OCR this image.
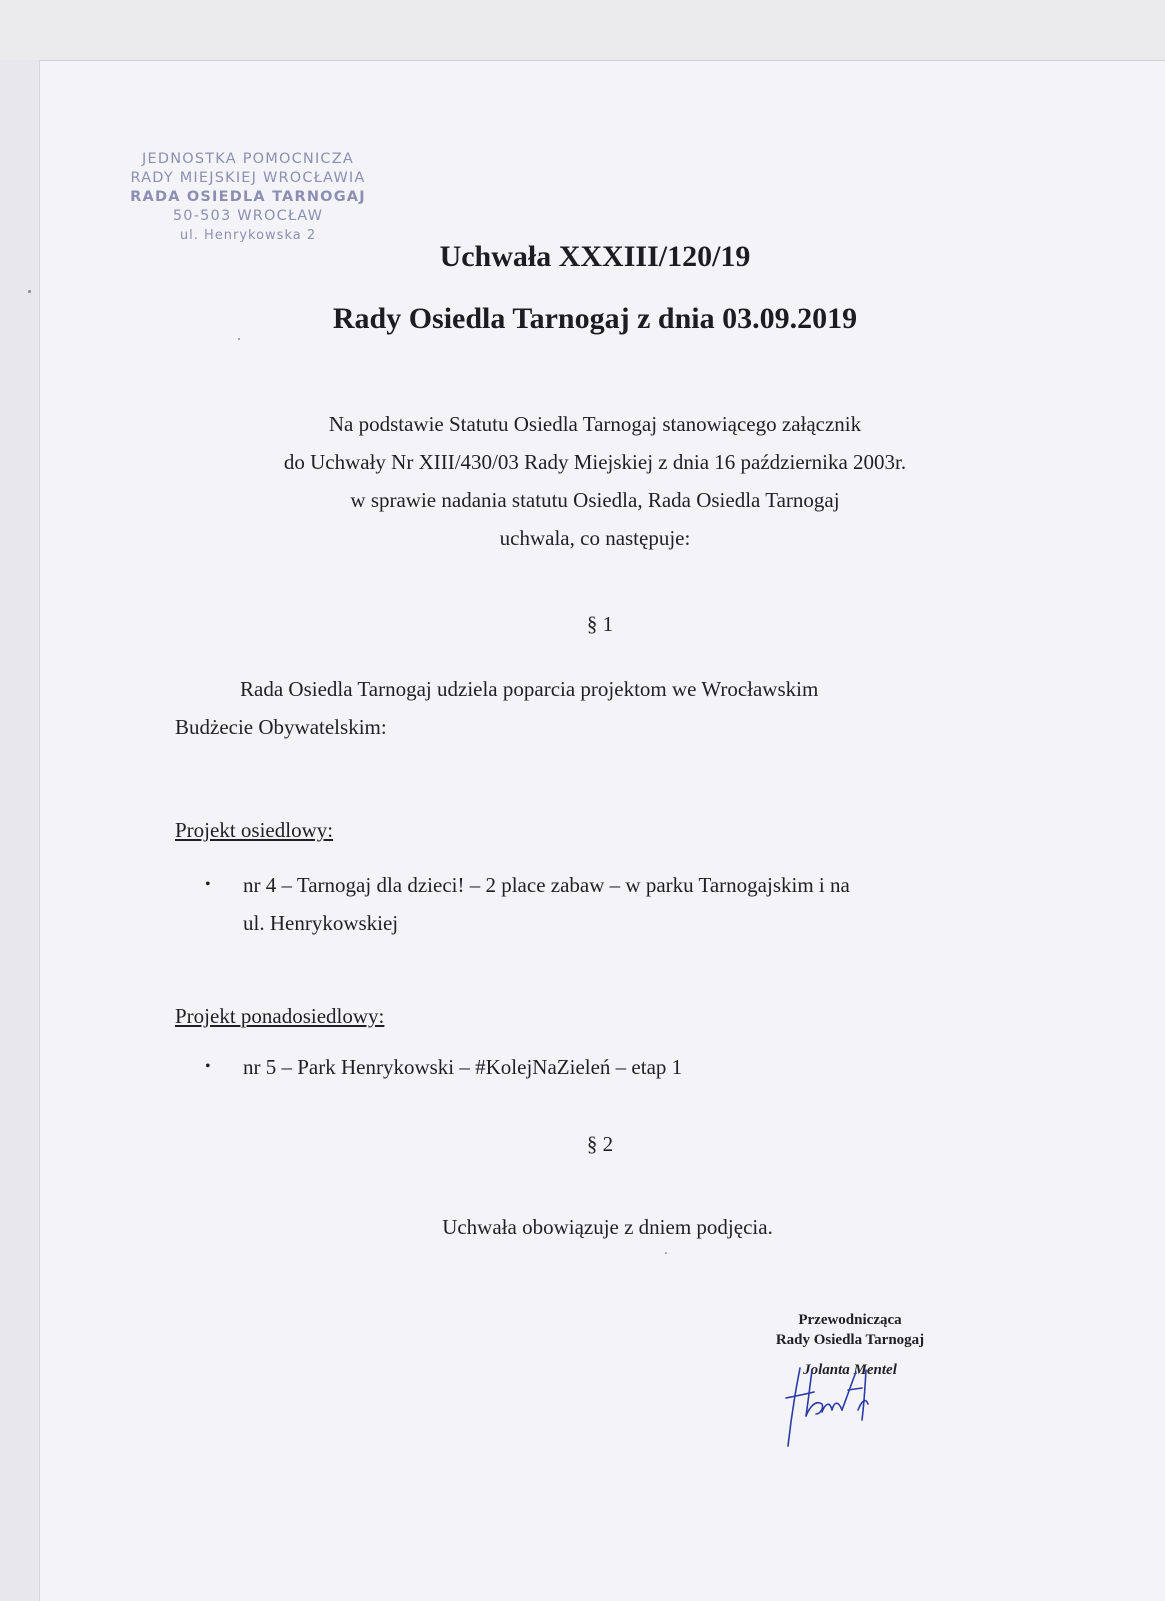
JEDNOSTKA POMOCNICZA
RADY MIEJSKIEJ WROCŁAWIA
RADA OSIEDLA TARNOGAJ
50-503 WROCŁAW
ul. Henrykowska 2
Uchwała XXXIII/120/19
Rady Osiedla Tarnogaj z dnia 03.09.2019
Na podstawie Statutu Osiedla Tarnogaj stanowiącego załącznik
do Uchwały Nr XIII/430/03 Rady Miejskiej z dnia 16 października 2003r.
w sprawie nadania statutu Osiedla, Rada Osiedla Tarnogaj
uchwala, co następuje:
§ 1
Rada Osiedla Tarnogaj udziela poparcia projektom we Wrocławskim
Budżecie Obywatelskim:
Projekt osiedlowy:
• nr 4 – Tarnogaj dla dzieci! – 2 place zabaw – w parku Tarnogajskim i na
ul. Henrykowskiej
Projekt ponadosiedlowy:
• nr 5 – Park Henrykowski – #KolejNaZieleń – etap 1
§ 2
Uchwała obowiązuje z dniem podjęcia.
Przewodnicząca
Rady Osiedla Tarnogaj
Jolanta Mentel
